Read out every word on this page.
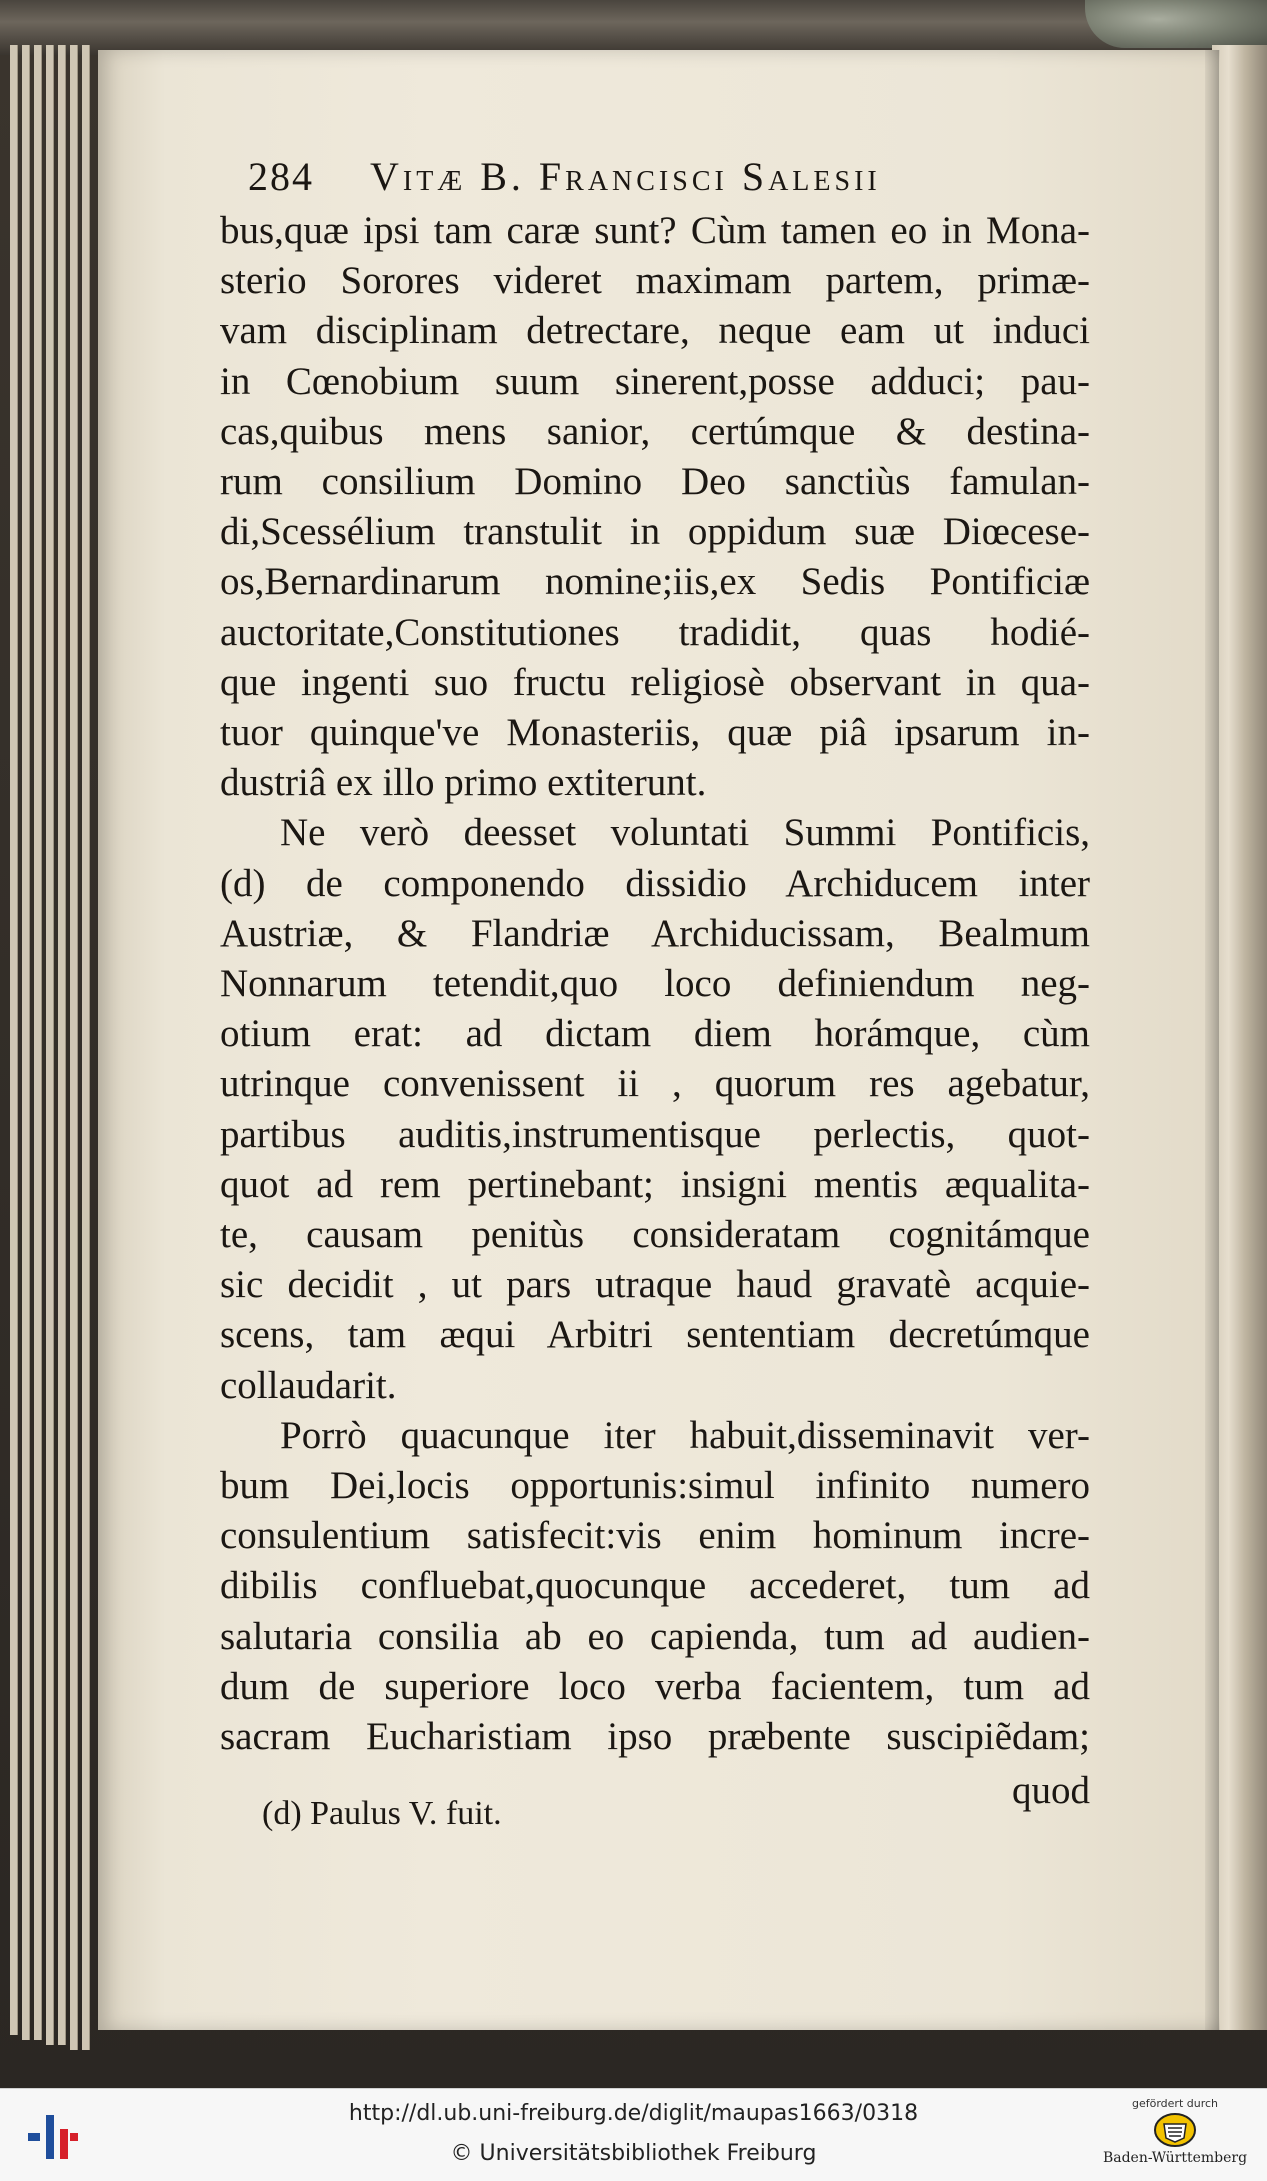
284 Vitæ B. Francisci Salesii
bus,quæ ipsi tam caræ sunt? Cùm tamen eo in Mona-
sterio Sorores videret maximam partem, primæ-
vam disciplinam detrectare, neque eam ut induci
in Cœnobium suum sinerent,posse adduci; pau-
cas,quibus mens sanior, certúmque & destina-
rum consilium Domino Deo sanctiùs famulan-
di,Scessélium transtulit in oppidum suæ Diœcese-
os,Bernardinarum nomine;iis,ex Sedis Pontificiæ
auctoritate,Constitutiones tradidit, quas hodié-
que ingenti suo fructu religiosè observant in qua-
tuor quinque've Monasteriis, quæ piâ ipsarum in-
dustriâ ex illo primo extiterunt.
Ne verò deesset voluntati Summi Pontificis,
(d) de componendo dissidio Archiducem inter
Austriæ, & Flandriæ Archiducissam, Bealmum
Nonnarum tetendit,quo loco definiendum neg-
otium erat: ad dictam diem horámque, cùm
utrinque convenissent ii , quorum res agebatur,
partibus auditis,instrumentisque perlectis, quot-
quot ad rem pertinebant; insigni mentis æqualita-
te, causam penitùs consideratam cognitámque
sic decidit , ut pars utraque haud gravatè acquie-
scens, tam æqui Arbitri sententiam decretúmque
collaudarit.
Porrò quacunque iter habuit,disseminavit ver-
bum Dei,locis opportunis:simul infinito numero
consulentium satisfecit:vis enim hominum incre-
dibilis confluebat,quocunque accederet, tum ad
salutaria consilia ab eo capienda, tum ad audien-
dum de superiore loco verba facientem, tum ad
sacram Eucharistiam ipso præbente suscipiẽdam;
quod
(d) Paulus V. fuit.
http://dl.ub.uni-freiburg.de/diglit/maupas1663/0318
© Universitätsbibliothek Freiburg
gefördert durch
Baden-Württemberg
